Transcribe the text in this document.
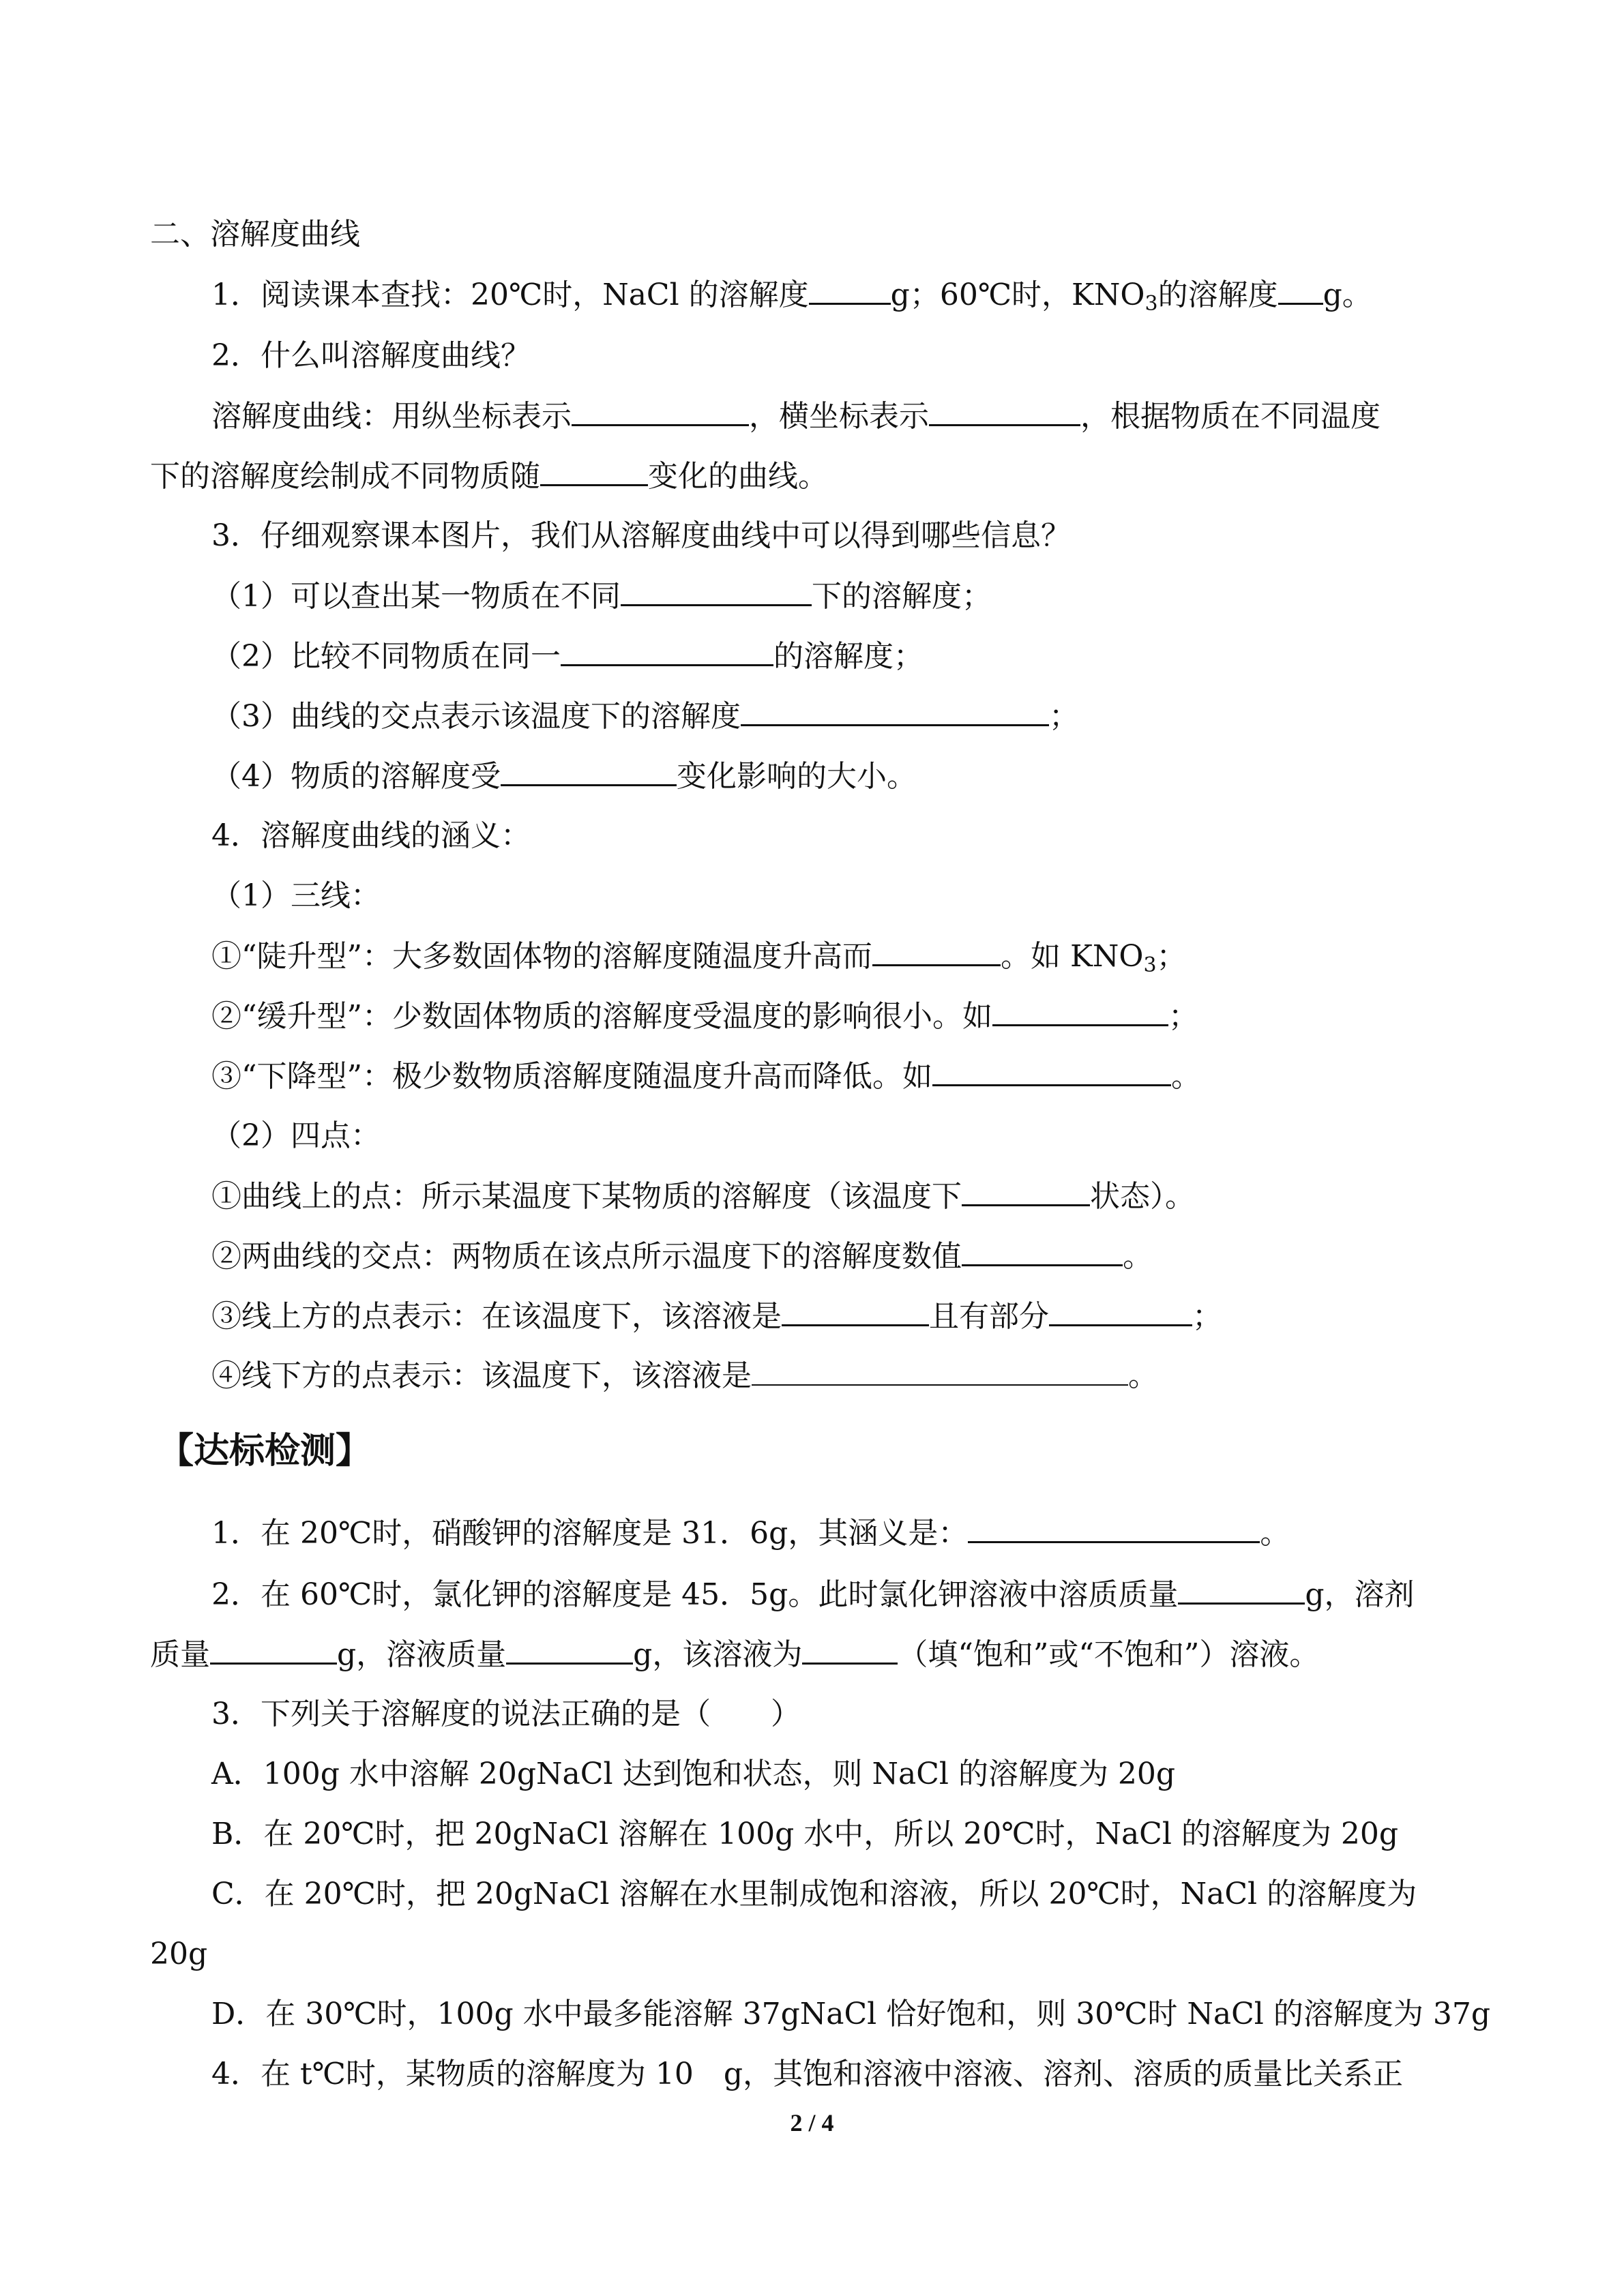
二、溶解度曲线
1．阅读课本查找：20℃时，NaCl 的溶解度	g；60℃时，$KNO_3$的溶解度 g。
2．什么叫溶解度曲线？
溶解度曲线：用纵坐标表示	，横坐标表示	，根据物质在不同温度
下的溶解度绘制成不同物质随	变化的曲线。
3．仔细观察课本图片，我们从溶解度曲线中可以得到哪些信息？
（1）可以查出某一物质在不同	下的溶解度；
（2）比较不同物质在同一	的溶解度；
（3）曲线的交点表示该温度下的溶解度	；
（4）物质的溶解度受	变化影响的大小。
4．溶解度曲线的涵义：
（1）三线：
①“陡升型”：大多数固体物的溶解度随温度升高而	。如 $KNO_3$；
②“缓升型”：少数固体物质的溶解度受温度的影响很小。如	；
③“下降型”：极少数物质溶解度随温度升高而降低。如	。
（2）四点：
①曲线上的点：所示某温度下某物质的溶解度（该温度下	状态）。
②两曲线的交点：两物质在该点所示温度下的溶解度数值	。
③线上方的点表示：在该温度下，该溶液是	且有部分	；
④线下方的点表示：该温度下，该溶液是	。
【达标检测】
1．在 20℃时，硝酸钾的溶解度是 31．6g，其涵义是：	。
2．在 60℃时，氯化钾的溶解度是 45．5g。此时氯化钾溶液中溶质质量	g，溶剂
质量	g，溶液质量	g，该溶液为	（填“饱和”或“不饱和”）溶液。
3．下列关于溶解度的说法正确的是（　　）
A．100g 水中溶解 20gNaCl 达到饱和状态，则 NaCl 的溶解度为 20g
B．在 20℃时，把 20gNaCl 溶解在 100g 水中，所以 20℃时，NaCl 的溶解度为 20g
C．在 20℃时，把 20gNaCl 溶解在水里制成饱和溶液，所以 20℃时，NaCl 的溶解度为
20g
D．在 30℃时，100g 水中最多能溶解 37gNaCl 恰好饱和，则 30℃时 NaCl 的溶解度为 37g
4．在 t℃时，某物质的溶解度为 10　g，其饱和溶液中溶液、溶剂、溶质的质量比关系正
2 / 4
